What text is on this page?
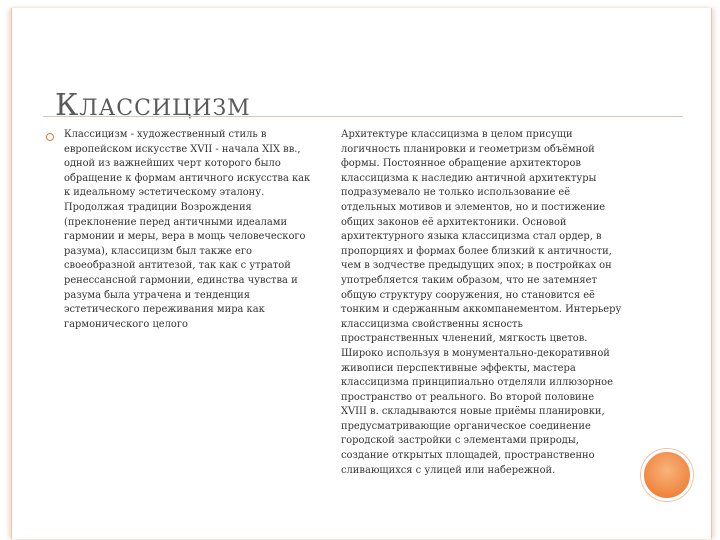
КЛАССИЦИЗМ

Классицизм - художественный стиль в европейском искусстве XVII - начала XIX вв., одной из важнейших черт которого было обращение к формам античного искусства как к идеальному эстетическому эталону. Продолжая традиции Возрождения (преклонение перед античными идеалами гармонии и меры, вера в мощь человеческого разума), классицизм был также его своеобразной антитезой, так как с утратой ренессансной гармонии, единства чувства и разума была утрачена и тенденция эстетического переживания мира как гармонического целого

Архитектуре классицизма в целом присущи логичность планировки и геометризм объёмной формы. Постоянное обращение архитекторов классицизма к наследию античной архитектуры подразумевало не только использование её отдельных мотивов и элементов, но и постижение общих законов её архитектоники. Основой архитектурного языка классицизма стал ордер, в пропорциях и формах более близкий к античности, чем в зодчестве предыдущих эпох; в постройках он употребляется таким образом, что не затемняет общую структуру сооружения, но становится её тонким и сдержанным аккомпанементом. Интерьеру классицизма свойственны ясность пространственных членений, мягкость цветов. Широко используя в монументально-декоративной живописи перспективные эффекты, мастера классицизма принципиально отделяли иллюзорное пространство от реального. Во второй половине XVIII в. складываются новые приёмы планировки, предусматривающие органическое соединение городской застройки с элементами природы, создание открытых площадей, пространственно сливающихся с улицей или набережной.
